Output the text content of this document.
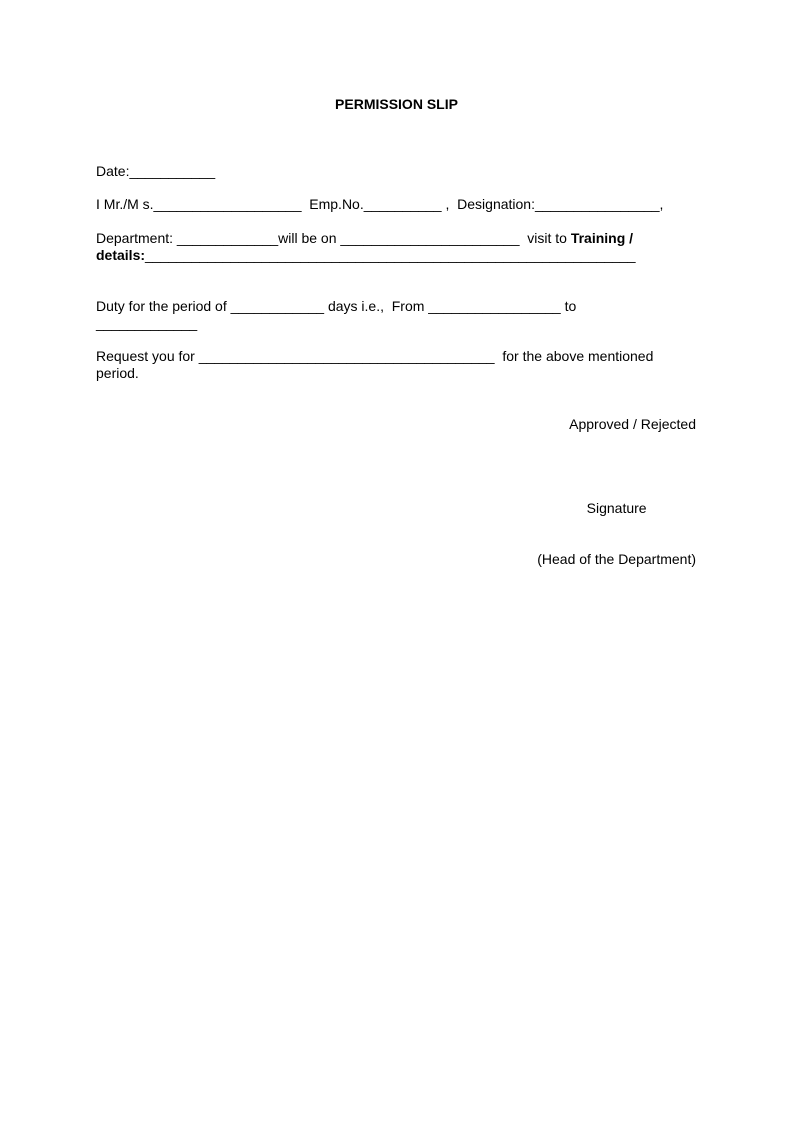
PERMISSION SLIP
Date:___________
I Mr./M s.___________________  Emp.No.__________ ,  Designation:________________,
Department: _____________will be on _______________________  visit to Training /
details:_______________________________________________________________
Duty for the period of ____________ days i.e.,  From _________________ to
_____________
Request you for ______________________________________  for the above mentioned
period.
Approved / Rejected

Signature

(Head of the Department)
